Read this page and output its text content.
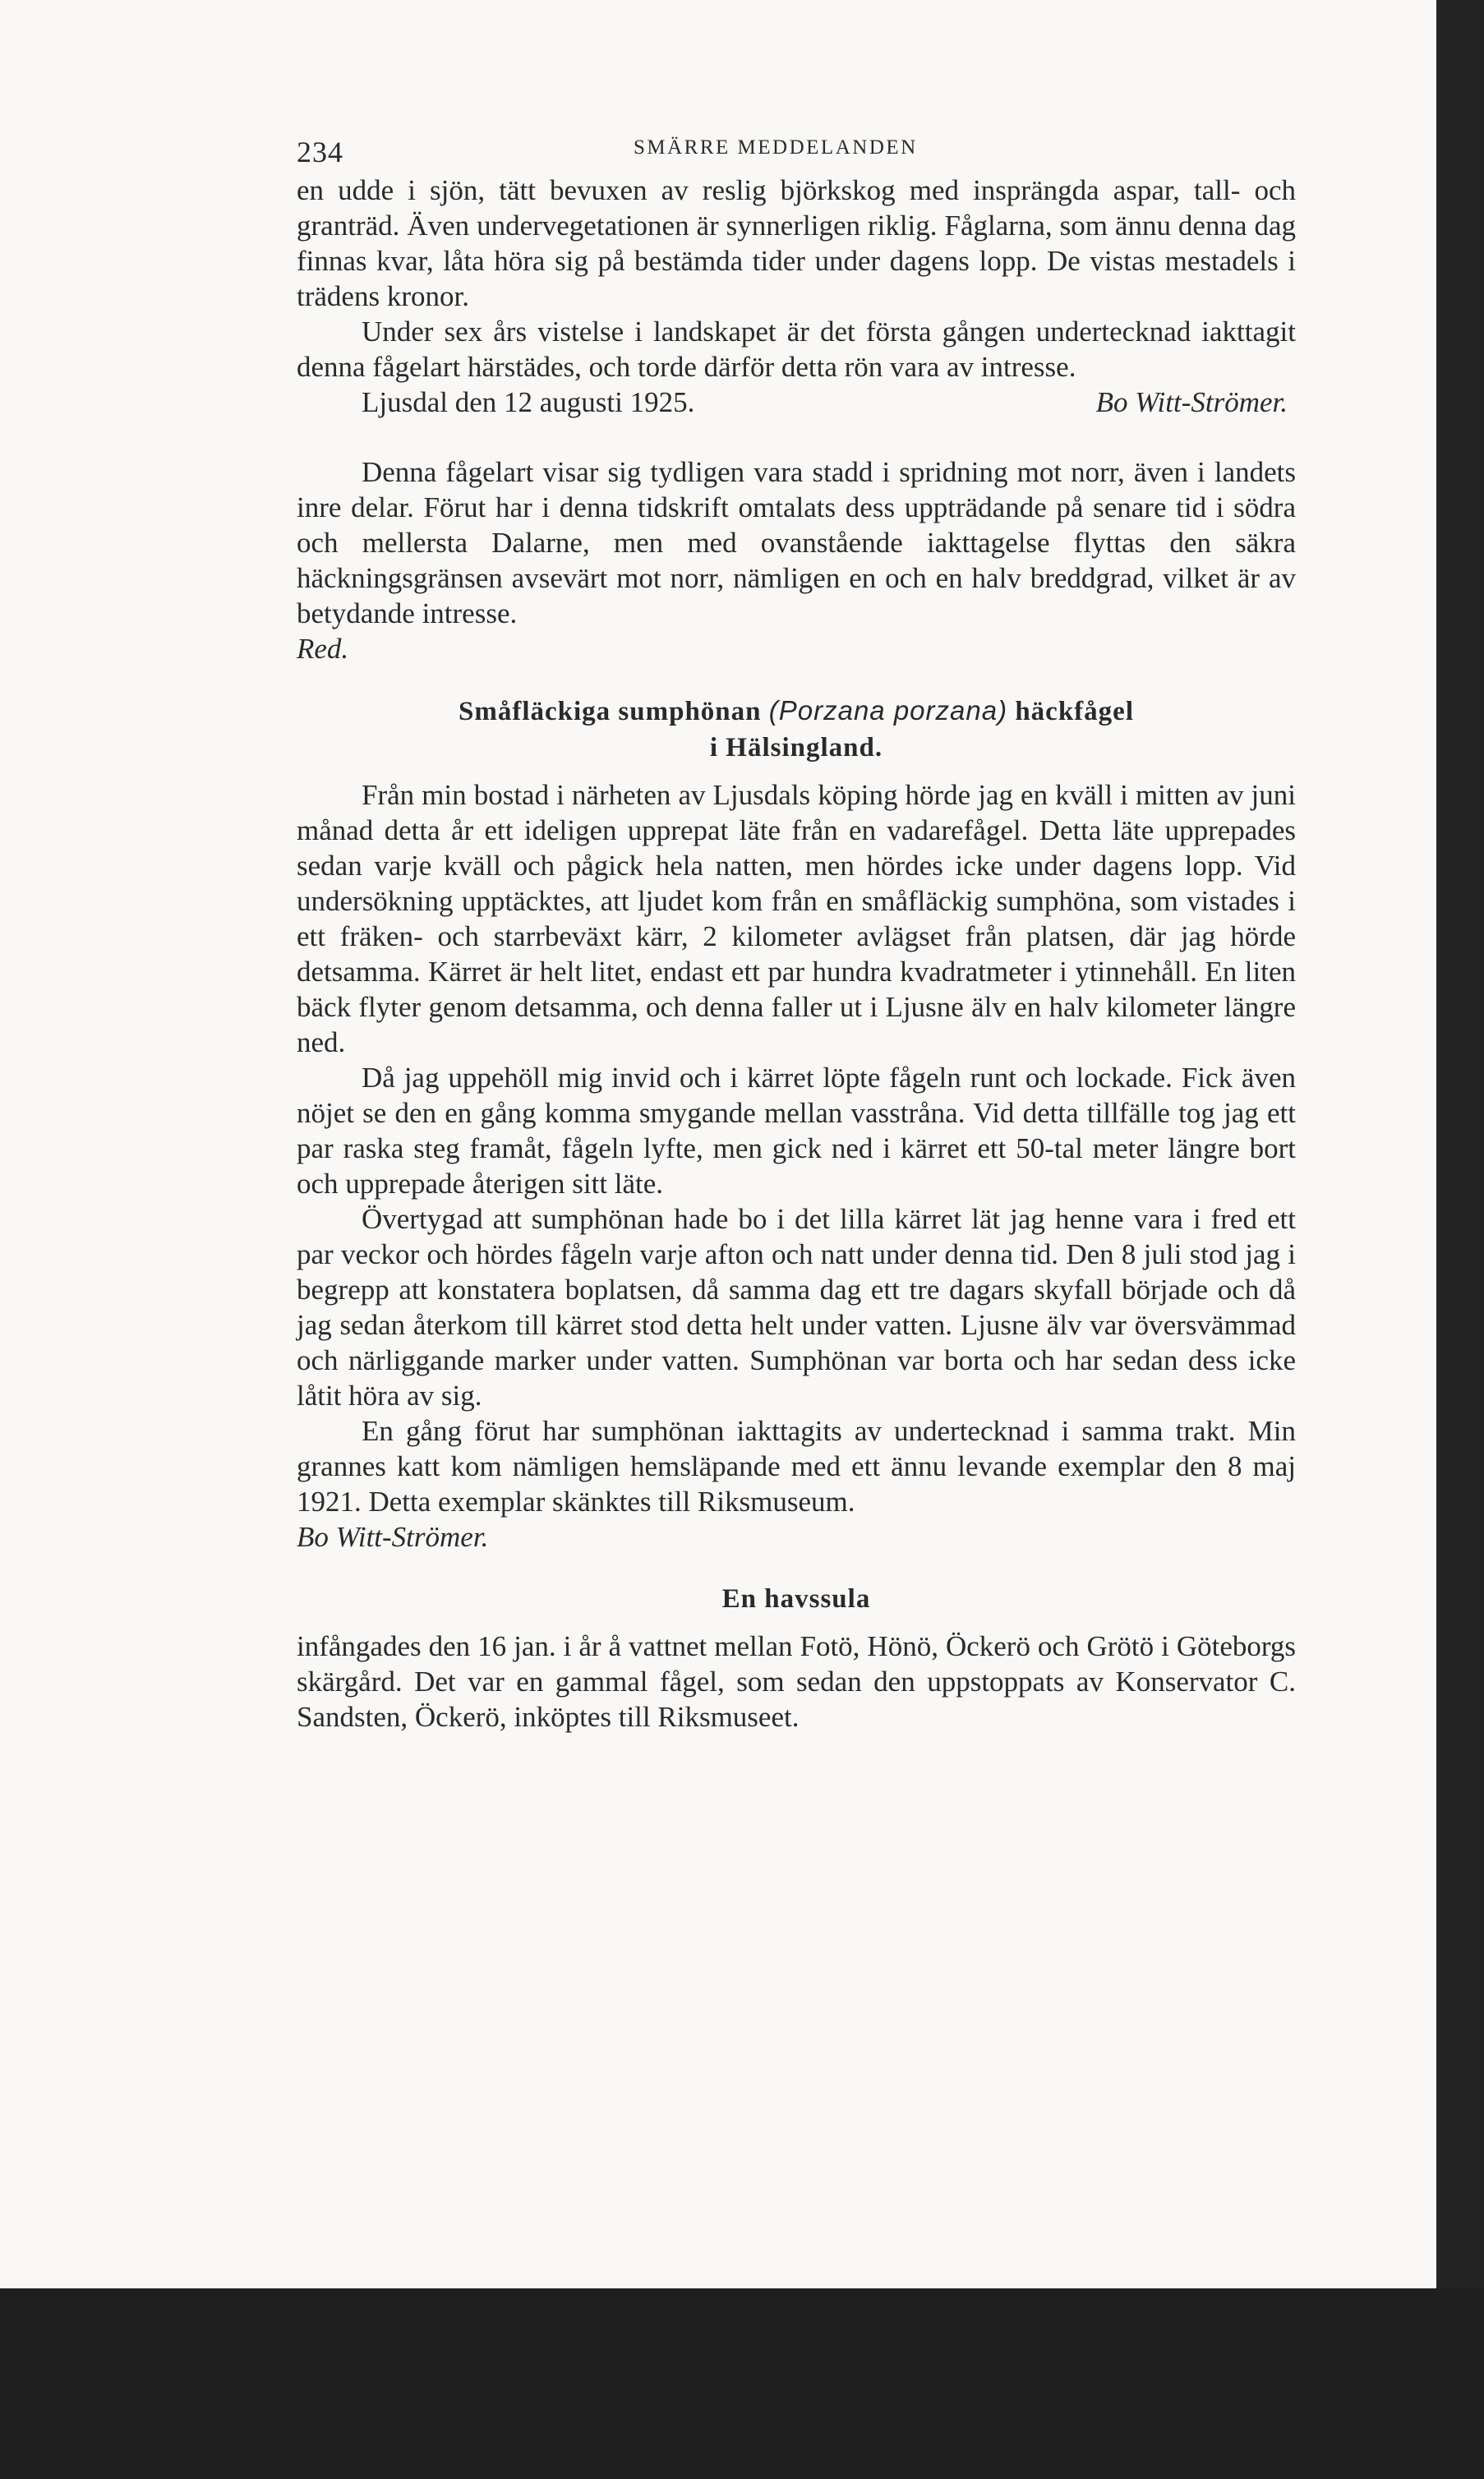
234	SMÄRRE MEDDELANDEN

en udde i sjön, tätt bevuxen av reslig björkskog med insprängda aspar, tall- och granträd. Även undervegetationen är synnerligen riklig. Fåglarna, som ännu denna dag finnas kvar, låta höra sig på bestämda tider under dagens lopp. De vistas mestadels i trädens kronor.

Under sex års vistelse i landskapet är det första gången undertecknad iakttagit denna fågelart härstädes, och torde därför detta rön vara av intresse.

Ljusdal den 12 augusti 1925.	Bo Witt-Strömer.

Denna fågelart visar sig tydligen vara stadd i spridning mot norr, även i landets inre delar. Förut har i denna tidskrift omtalats dess uppträdande på senare tid i södra och mellersta Dalarne, men med ovanstående iakttagelse flyttas den säkra häckningsgränsen avsevärt mot norr, nämligen en och en halv breddgrad, vilket är av betydande intresse.

Red.

Småfläckiga sumphönan (Porzana porzana) häckfågel
i Hälsingland.

Från min bostad i närheten av Ljusdals köping hörde jag en kväll i mitten av juni månad detta år ett ideligen upprepat läte från en vadarefågel. Detta läte upprepades sedan varje kväll och pågick hela natten, men hördes icke under dagens lopp. Vid undersökning upptäcktes, att ljudet kom från en småfläckig sumphöna, som vistades i ett fräken- och starrbeväxt kärr, 2 kilometer avlägset från platsen, där jag hörde detsamma. Kärret är helt litet, endast ett par hundra kvadratmeter i ytinnehåll. En liten bäck flyter genom detsamma, och denna faller ut i Ljusne älv en halv kilometer längre ned.

Då jag uppehöll mig invid och i kärret löpte fågeln runt och lockade. Fick även nöjet se den en gång komma smygande mellan vasstråna. Vid detta tillfälle tog jag ett par raska steg framåt, fågeln lyfte, men gick ned i kärret ett 50-tal meter längre bort och upprepade återigen sitt läte.

Övertygad att sumphönan hade bo i det lilla kärret lät jag henne vara i fred ett par veckor och hördes fågeln varje afton och natt under denna tid. Den 8 juli stod jag i begrepp att konstatera boplatsen, då samma dag ett tre dagars skyfall började och då jag sedan återkom till kärret stod detta helt under vatten. Ljusne älv var översvämmad och närliggande marker under vatten. Sumphönan var borta och har sedan dess icke låtit höra av sig.

En gång förut har sumphönan iakttagits av undertecknad i samma trakt. Min grannes katt kom nämligen hemsläpande med ett ännu levande exemplar den 8 maj 1921. Detta exemplar skänktes till Riksmuseum.

Bo Witt-Strömer.

En havssula

infångades den 16 jan. i år å vattnet mellan Fotö, Hönö, Öckerö och Grötö i Göteborgs skärgård. Det var en gammal fågel, som sedan den uppstoppats av Konservator C. Sandsten, Öckerö, inköptes till Riksmuseet.
